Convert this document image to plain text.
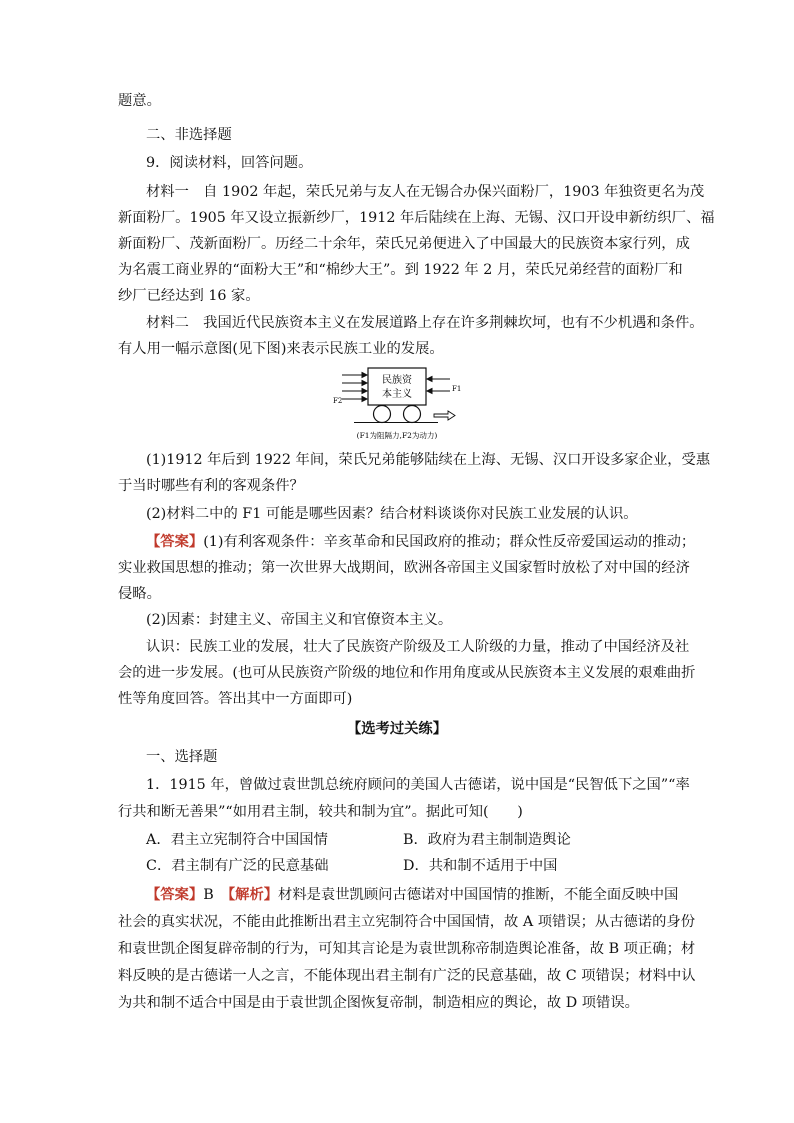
题意。
二、非选择题
9．阅读材料，回答问题。
材料一　自 1902 年起，荣氏兄弟与友人在无锡合办保兴面粉厂，1903 年独资更名为茂
新面粉厂。1905 年又设立振新纱厂，1912 年后陆续在上海、无锡、汉口开设申新纺织厂、福
新面粉厂、茂新面粉厂。历经二十余年，荣氏兄弟便进入了中国最大的民族资本家行列，成
为名震工商业界的“面粉大王”和“棉纱大王”。到 1922 年 2 月，荣氏兄弟经营的面粉厂和
纱厂已经达到 16 家。
材料二　我国近代民族资本主义在发展道路上存在许多荆棘坎坷，也有不少机遇和条件。
有人用一幅示意图(见下图)来表示民族工业的发展。
F2
民族资
本主义	F1
(F1为阻隔力,F2为动力)
(1)1912 年后到 1922 年间，荣氏兄弟能够陆续在上海、无锡、汉口开设多家企业，受惠
于当时哪些有利的客观条件？
(2)材料二中的 F1 可能是哪些因素？结合材料谈谈你对民族工业发展的认识。
【答案】(1)有利客观条件：辛亥革命和民国政府的推动；群众性反帝爱国运动的推动；
实业救国思想的推动；第一次世界大战期间，欧洲各帝国主义国家暂时放松了对中国的经济
侵略。
(2)因素：封建主义、帝国主义和官僚资本主义。
认识：民族工业的发展，壮大了民族资产阶级及工人阶级的力量，推动了中国经济及社
会的进一步发展。(也可从民族资产阶级的地位和作用角度或从民族资本主义发展的艰难曲折
性等角度回答。答出其中一方面即可)
【选考过关练】
一、选择题
1．1915 年，曾做过袁世凯总统府顾问的美国人古德诺，说中国是“民智低下之国”“率
行共和断无善果”“如用君主制，较共和制为宜”。据此可知(　　)
A．君主立宪制符合中国国情	B．政府为君主制制造舆论
C．君主制有广泛的民意基础	D．共和制不适用于中国
【答案】B　 【解析】材料是袁世凯顾问古德诺对中国国情的推断，不能全面反映中国
社会的真实状况，不能由此推断出君主立宪制符合中国国情，故 A 项错误；从古德诺的身份
和袁世凯企图复辟帝制的行为，可知其言论是为袁世凯称帝制造舆论准备，故 B 项正确；材
料反映的是古德诺一人之言，不能体现出君主制有广泛的民意基础，故 C 项错误；材料中认
为共和制不适合中国是由于袁世凯企图恢复帝制，制造相应的舆论，故 D 项错误。
